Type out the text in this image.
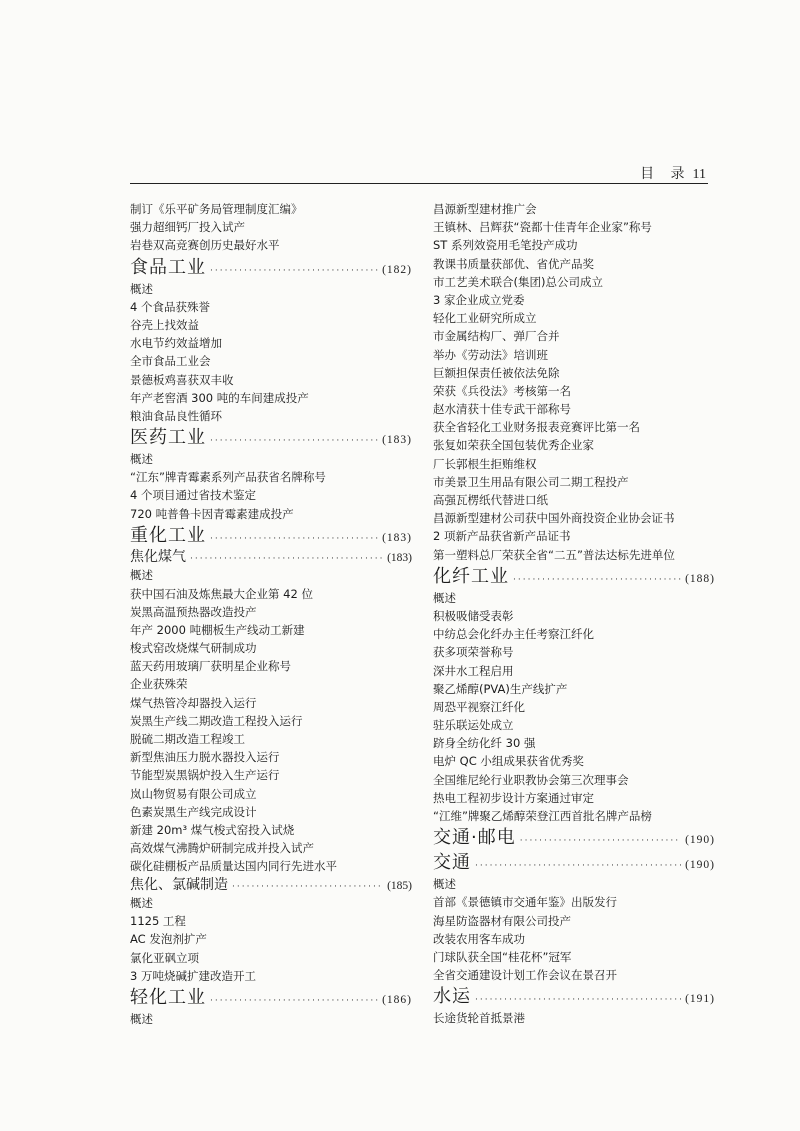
目 录 11
制订《乐平矿务局管理制度汇编》
强力超细钙厂投入试产
岩巷双高竞赛创历史最好水平
食品工业 ·····	(182)
概述
4 个食品获殊誉
谷壳上找效益
水电节约效益增加
全市食品工业会
景德板鸡喜获双丰收
年产老窖酒 300 吨的车间建成投产
粮油食品良性循环
医药工业 ·····	(183)
概述
“江东”牌青霉素系列产品获省名牌称号
4 个项目通过省技术鉴定
720 吨普鲁卡因青霉素建成投产
重化工业 ·····	(183)
焦化煤气 ·····	(183)
概述
获中国石油及炼焦最大企业第 42 位
炭黑高温预热器改造投产
年产 2000 吨棚板生产线动工新建
梭式窑改烧煤气研制成功
蓝天药用玻璃厂获明星企业称号
企业获殊荣
煤气热管冷却器投入运行
炭黑生产线二期改造工程投入运行
脱硫二期改造工程竣工
新型焦油压力脱水器投入运行
节能型炭黑锅炉投入生产运行
岚山物贸易有限公司成立
色素炭黑生产线完成设计
新建 20m³ 煤气梭式窑投入试烧
高效煤气沸腾炉研制完成并投入试产
碳化硅棚板产品质量达国内同行先进水平
焦化、氯碱制造 ·····	(185)
概述
1125 工程
AC 发泡剂扩产
氯化亚砜立项
3 万吨烧碱扩建改造开工
轻化工业 ·····	(186)
概述
昌源新型建材推广会
王镇林、吕辉获“瓷都十佳青年企业家”称号
ST 系列效瓷用毛笔投产成功
教课书质量获部优、省优产品奖
市工艺美术联合(集团)总公司成立
3 家企业成立党委
轻化工业研究所成立
市金属结构厂、弹厂合并
举办《劳动法》培训班
巨额担保责任被依法免除
荣获《兵役法》考核第一名
赵水清获十佳专武干部称号
获全省轻化工业财务报表竞赛评比第一名
张复如荣获全国包装优秀企业家
厂长郭根生拒贿维权
市美景卫生用品有限公司二期工程投产
高强瓦楞纸代替进口纸
昌源新型建材公司获中国外商投资企业协会证书
2 项新产品获省新产品证书
第一塑料总厂荣获全省“二五”普法达标先进单位
化纤工业 ·····	(188)
概述
积极吸储受表彰
中纺总会化纤办主任考察江纤化
获多项荣誉称号
深井水工程启用
聚乙烯醇(PVA)生产线扩产
周恐平视察江纤化
驻乐联运处成立
跻身全纺化纤 30 强
电炉 QC 小组成果获省优秀奖
全国维尼纶行业职教协会第三次理事会
热电工程初步设计方案通过审定
“江维”牌聚乙烯醇荣登江西首批名牌产品榜
交通·邮电 ·····	(190)
交通 ·····	(190)
概述
首部《景德镇市交通年鉴》出版发行
海星防盗器材有限公司投产
改装农用客车成功
门球队获全国“桂花杯”冠军
全省交通建设计划工作会议在景召开
水运 ·····	(191)
长途货轮首抵景港
